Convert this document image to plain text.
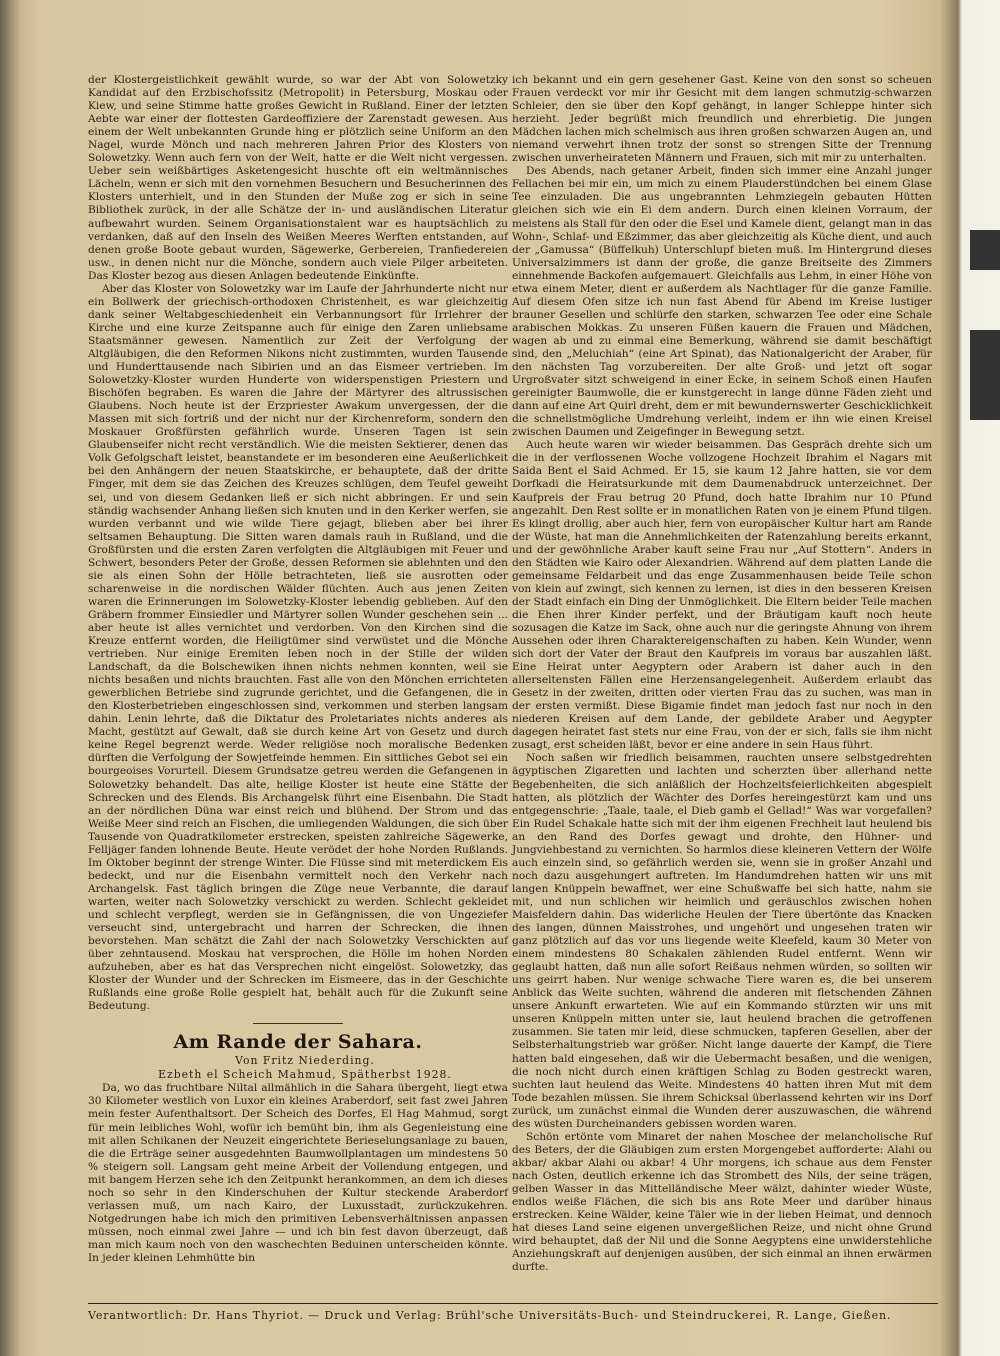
der Klostergeistlichkeit gewählt wurde, so war der Abt von Solowetzky Kandidat auf den Erzbischofssitz (Metropolit) in Petersburg, Moskau oder Kiew, und seine Stimme hatte großes Gewicht in Rußland. Einer der letzten Aebte war einer der flottesten Gardeoffiziere der Zarenstadt gewesen. Aus einem der Welt unbekannten Grunde hing er plötzlich seine Uniform an den Nagel, wurde Mönch und nach mehreren Jahren Prior des Klosters von Solowetzky. Wenn auch fern von der Welt, hatte er die Welt nicht vergessen. Ueber sein weißbärtiges Asketengesicht huschte oft ein weltmännisches Lächeln, wenn er sich mit den vornehmen Besuchern und Besucherinnen des Klosters unterhielt, und in den Stunden der Muße zog er sich in seine Bibliothek zurück, in der alle Schätze der in- und ausländischen Literatur aufbewahrt wurden. Seinem Organisationstalent war es hauptsächlich zu verdanken, daß auf den Inseln des Weißen Meeres Werften entstanden, auf denen große Boote gebaut wurden, Sägewerke, Gerbereien, Tranfiedereien usw., in denen nicht nur die Mönche, sondern auch viele Pilger arbeiteten. Das Kloster bezog aus diesen Anlagen bedeutende Einkünfte.

Aber das Kloster von Solowetzky war im Laufe der Jahrhunderte nicht nur ein Bollwerk der griechisch-orthodoxen Christenheit, es war gleichzeitig dank seiner Weltabgeschiedenheit ein Verbannungsort für Irrlehrer der Kirche und eine kurze Zeitspanne auch für einige den Zaren unliebsame Staatsmänner gewesen. Namentlich zur Zeit der Verfolgung der Altgläubigen, die den Reformen Nikons nicht zustimmten, wurden Tausende und Hunderttausende nach Sibirien und an das Eismeer vertrieben. Im Solowetzky-Kloster wurden Hunderte von widerspenstigen Priestern und Bischöfen begraben. Es waren die Jahre der Märtyrer des altrussischen Glaubens. Noch heute ist der Erzpriester Awakum unvergessen, der die Massen mit sich fortriß und der nicht nur der Kirchenreform, sondern den Moskauer Großfürsten gefährlich wurde. Unseren Tagen ist sein Glaubenseifer nicht recht verständlich. Wie die meisten Sektierer, denen das Volk Gefolgschaft leistet, beanstandete er im besonderen eine Aeußerlichkeit bei den Anhängern der neuen Staatskirche, er behauptete, daß der dritte Finger, mit dem sie das Zeichen des Kreuzes schlügen, dem Teufel geweiht sei, und von diesem Gedanken ließ er sich nicht abbringen. Er und sein ständig wachsender Anhang ließen sich knuten und in den Kerker werfen, sie wurden verbannt und wie wilde Tiere gejagt, blieben aber bei ihrer seltsamen Behauptung. Die Sitten waren damals rauh in Rußland, und die Großfürsten und die ersten Zaren verfolgten die Altgläubigen mit Feuer und Schwert, besonders Peter der Große, dessen Reformen sie ablehnten und den sie als einen Sohn der Hölle betrachteten, ließ sie ausrotten oder scharenweise in die nordischen Wälder flüchten. Auch aus jenen Zeiten waren die Erinnerungen im Solowetzky-Kloster lebendig geblieben. Auf den Gräbern frommer Einsiedler und Märtyrer sollen Wunder geschehen sein ... aber heute ist alles vernichtet und verdorben. Von den Kirchen sind die Kreuze entfernt worden, die Heiligtümer sind verwüstet und die Mönche vertrieben. Nur einige Eremiten leben noch in der Stille der wilden Landschaft, da die Bolschewiken ihnen nichts nehmen konnten, weil sie nichts besaßen und nichts brauchten. Fast alle von den Mönchen errichteten gewerblichen Betriebe sind zugrunde gerichtet, und die Gefangenen, die in den Klosterbetrieben eingeschlossen sind, verkommen und sterben langsam dahin. Lenin lehrte, daß die Diktatur des Proletariates nichts anderes als Macht, gestützt auf Gewalt, daß sie durch keine Art von Gesetz und durch keine Regel begrenzt werde. Weder religiöse noch moralische Bedenken dürften die Verfolgung der Sowjetfeinde hemmen. Ein sittliches Gebot sei ein bourgeoises Vorurteil. Diesem Grundsatze getreu werden die Gefangenen in Solowetzky behandelt. Das alte, heilige Kloster ist heute eine Stätte der Schrecken und des Elends. Bis Archangelsk führt eine Eisenbahn. Die Stadt an der nördlichen Düna war einst reich und blühend. Der Strom und das Weiße Meer sind reich an Fischen, die umliegenden Waldungen, die sich über Tausende von Quadratkilometer erstrecken, speisten zahlreiche Sägewerke, Felljäger fanden lohnende Beute. Heute verödet der hohe Norden Rußlands. Im Oktober beginnt der strenge Winter. Die Flüsse sind mit meterdickem Eis bedeckt, und nur die Eisenbahn vermittelt noch den Verkehr nach Archangelsk. Fast täglich bringen die Züge neue Verbannte, die darauf warten, weiter nach Solowetzky verschickt zu werden. Schlecht gekleidet und schlecht verpflegt, werden sie in Gefängnissen, die von Ungeziefer verseucht sind, untergebracht und harren der Schrecken, die ihnen bevorstehen. Man schätzt die Zahl der nach Solowetzky Verschickten auf über zehntausend. Moskau hat versprochen, die Hölle im hohen Norden aufzuheben, aber es hat das Versprechen nicht eingelöst. Solowetzky, das Kloster der Wunder und der Schrecken im Eismeere, das in der Geschichte Rußlands eine große Rolle gespielt hat, behält auch für die Zukunft seine Bedeutung.

Am Rande der Sahara.

Von Fritz Niederding.

Ezbeth el Scheich Mahmud, Spätherbst 1928.

Da, wo das fruchtbare Niltal allmählich in die Sahara übergeht, liegt etwa 30 Kilometer westlich von Luxor ein kleines Araberdorf, seit fast zwei Jahren mein fester Aufenthaltsort. Der Scheich des Dorfes, El Hag Mahmud, sorgt für mein leibliches Wohl, wofür ich bemüht bin, ihm als Gegenleistung eine mit allen Schikanen der Neuzeit eingerichtete Berieselungsanlage zu bauen, die die Erträge seiner ausgedehnten Baumwollplantagen um mindestens 50 % steigern soll. Langsam geht meine Arbeit der Vollendung entgegen, und mit bangem Herzen sehe ich den Zeitpunkt herankommen, an dem ich dieses noch so sehr in den Kinderschuhen der Kultur steckende Araberdorf verlassen muß, um nach Kairo, der Luxusstadt, zurückzukehren. Notgedrungen habe ich mich den primitiven Lebensverhältnissen anpassen müssen, noch einmal zwei Jahre — und ich bin fest davon überzeugt, daß man mich kaum noch von den waschechten Beduinen unterscheiden könnte. In jeder kleinen Lehmhütte bin

ich bekannt und ein gern gesehener Gast. Keine von den sonst so scheuen Frauen verdeckt vor mir ihr Gesicht mit dem langen schmutzig-schwarzen Schleier, den sie über den Kopf gehängt, in langer Schleppe hinter sich herzieht. Jeder begrüßt mich freundlich und ehrerbietig. Die jungen Mädchen lachen mich schelmisch aus ihren großen schwarzen Augen an, und niemand verwehrt ihnen trotz der sonst so strengen Sitte der Trennung zwischen unverheirateten Männern und Frauen, sich mit mir zu unterhalten.

Des Abends, nach getaner Arbeit, finden sich immer eine Anzahl junger Fellachen bei mir ein, um mich zu einem Plauderstündchen bei einem Glase Tee einzuladen. Die aus ungebrannten Lehmziegeln gebauten Hütten gleichen sich wie ein Ei dem andern. Durch einen kleinen Vorraum, der meistens als Stall für den oder die Esel und Kamele dient, gelangt man in das Wohn-, Schlaf- und Eßzimmer, das aber gleichzeitig als Küche dient, und auch der „Gamussa“ (Büffelkuh) Unterschlupf bieten muß. Im Hintergrund dieses Universalzimmers ist dann der große, die ganze Breitseite des Zimmers einnehmende Backofen aufgemauert. Gleichfalls aus Lehm, in einer Höhe von etwa einem Meter, dient er außerdem als Nachtlager für die ganze Familie. Auf diesem Ofen sitze ich nun fast Abend für Abend im Kreise lustiger brauner Gesellen und schlürfe den starken, schwarzen Tee oder eine Schale arabischen Mokkas. Zu unseren Füßen kauern die Frauen und Mädchen, wagen ab und zu einmal eine Bemerkung, während sie damit beschäftigt sind, den „Meluchiah“ (eine Art Spinat), das Nationalgericht der Araber, für den nächsten Tag vorzubereiten. Der alte Groß- und jetzt oft sogar Urgroßvater sitzt schweigend in einer Ecke, in seinem Schoß einen Haufen gereinigter Baumwolle, die er kunstgerecht in lange dünne Fäden zieht und dann auf eine Art Quirl dreht, dem er mit bewundernswerter Geschicklichkeit die schnellstmögliche Umdrehung verleiht, indem er ihn wie einen Kreisel zwischen Daumen und Zeigefinger in Bewegung setzt.

Auch heute waren wir wieder beisammen. Das Gespräch drehte sich um die in der verflossenen Woche vollzogene Hochzeit Ibrahim el Nagars mit Saida Bent el Said Achmed. Er 15, sie kaum 12 Jahre hatten, sie vor dem Dorfkadi die Heiratsurkunde mit dem Daumenabdruck unterzeichnet. Der Kaufpreis der Frau betrug 20 Pfund, doch hatte Ibrahim nur 10 Pfund angezahlt. Den Rest sollte er in monatlichen Raten von je einem Pfund tilgen. Es klingt drollig, aber auch hier, fern von europäischer Kultur hart am Rande der Wüste, hat man die Annehmlichkeiten der Ratenzahlung bereits erkannt, und der gewöhnliche Araber kauft seine Frau nur „Auf Stottern“. Anders in den Städten wie Kairo oder Alexandrien. Während auf dem platten Lande die gemeinsame Feldarbeit und das enge Zusammenhausen beide Teile schon von klein auf zwingt, sich kennen zu lernen, ist dies in den besseren Kreisen der Stadt einfach ein Ding der Unmöglichkeit. Die Eltern beider Teile machen die Ehen ihrer Kinder perfekt, und der Bräutigam kauft noch heute sozusagen die Katze im Sack, ohne auch nur die geringste Ahnung von ihrem Aussehen oder ihren Charaktereigenschaften zu haben. Kein Wunder, wenn sich dort der Vater der Braut den Kaufpreis im voraus bar auszahlen läßt. Eine Heirat unter Aegyptern oder Arabern ist daher auch in den allerseltensten Fällen eine Herzensangelegenheit. Außerdem erlaubt das Gesetz in der zweiten, dritten oder vierten Frau das zu suchen, was man in der ersten vermißt. Diese Bigamie findet man jedoch fast nur noch in den niederen Kreisen auf dem Lande, der gebildete Araber und Aegypter dagegen heiratet fast stets nur eine Frau, von der er sich, falls sie ihm nicht zusagt, erst scheiden läßt, bevor er eine andere in sein Haus führt.

Noch saßen wir friedlich beisammen, rauchten unsere selbstgedrehten ägyptischen Zigaretten und lachten und scherzten über allerhand nette Begebenheiten, die sich anläßlich der Hochzeitsfeierlichkeiten abgespielt hatten, als plötzlich der Wächter des Dorfes hereingestürzt kam und uns entgegenschrie: „Taale, taale, el Dieb gamb el Gellad!“ Was war vorgefallen? Ein Rudel Schakale hatte sich mit der ihm eigenen Frechheit laut heulend bis an den Rand des Dorfes gewagt und drohte, den Hühner- und Jungviehbestand zu vernichten. So harmlos diese kleineren Vettern der Wölfe auch einzeln sind, so gefährlich werden sie, wenn sie in großer Anzahl und noch dazu ausgehungert auftreten. Im Handumdrehen hatten wir uns mit langen Knüppeln bewaffnet, wer eine Schußwaffe bei sich hatte, nahm sie mit, und nun schlichen wir heimlich und geräuschlos zwischen hohen Maisfeldern dahin. Das widerliche Heulen der Tiere übertönte das Knacken des langen, dünnen Maisstrohes, und ungehört und ungesehen traten wir ganz plötzlich auf das vor uns liegende weite Kleefeld, kaum 30 Meter von einem mindestens 80 Schakalen zählenden Rudel entfernt. Wenn wir geglaubt hatten, daß nun alle sofort Reißaus nehmen würden, so sollten wir uns geirrt haben. Nur wenige schwache Tiere waren es, die bei unserem Anblick das Weite suchten, während die anderen mit fletschenden Zähnen unsere Ankunft erwarteten. Wie auf ein Kommando stürzten wir uns mit unseren Knüppeln mitten unter sie, laut heulend brachen die getroffenen zusammen. Sie taten mir leid, diese schmucken, tapferen Gesellen, aber der Selbsterhaltungstrieb war größer. Nicht lange dauerte der Kampf, die Tiere hatten bald eingesehen, daß wir die Uebermacht besaßen, und die wenigen, die noch nicht durch einen kräftigen Schlag zu Boden gestreckt waren, suchten laut heulend das Weite. Mindestens 40 hatten ihren Mut mit dem Tode bezahlen müssen. Sie ihrem Schicksal überlassend kehrten wir ins Dorf zurück, um zunächst einmal die Wunden derer auszuwaschen, die während des wüsten Durcheinanders gebissen worden waren.

Schön ertönte vom Minaret der nahen Moschee der melancholische Ruf des Beters, der die Gläubigen zum ersten Morgengebet aufforderte: Alahi ou akbar/ akbar Alahi ou akbar! 4 Uhr morgens, ich schaue aus dem Fenster nach Osten, deutlich erkenne ich das Strombett des Nils, der seine trägen, gelben Wasser in das Mittelländische Meer wälzt, dahinter wieder Wüste, endlos weiße Flächen, die sich bis ans Rote Meer und darüber hinaus erstrecken. Keine Wälder, keine Täler wie in der lieben Heimat, und dennoch hat dieses Land seine eigenen unvergeßlichen Reize, und nicht ohne Grund wird behauptet, daß der Nil und die Sonne Aegyptens eine unwiderstehliche Anziehungskraft auf denjenigen ausüben, der sich einmal an ihnen erwärmen durfte.

Verantwortlich: Dr. Hans Thyriot. — Druck und Verlag: Brühl'sche Universitäts-Buch- und Steindruckerei, R. Lange, Gießen.
